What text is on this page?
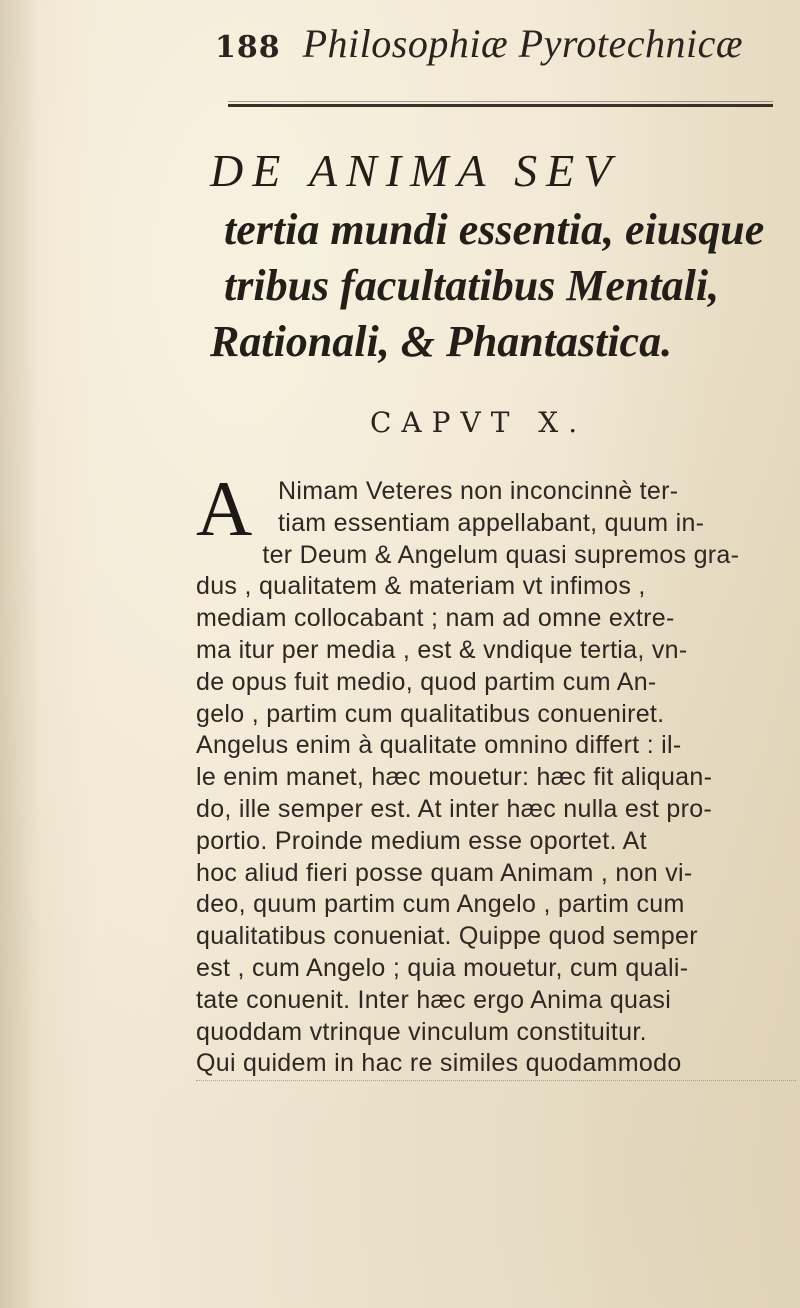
188 Philosophiæ Pyrotechnicæ
DE ANIMA SEV
tertia mundi essentia, eiusque
tribus facultatibus Mentali,
Rationali, & Phantastica.
CAPVT X.
A Nimam Veteres non inconcinnè ter-
tiam essentiam appellabant, quum in-
ter Deum & Angelum quasi supremos gra-
dus , qualitatem & materiam vt infimos ,
mediam collocabant ; nam ad omne extre-
ma itur per media , est & vndique tertia, vn-
de opus fuit medio, quod partim cum An-
gelo , partim cum qualitatibus conueniret.
Angelus enim à qualitate omnino differt : il-
le enim manet, hæc mouetur: hæc fit aliquan-
do, ille semper est. At inter hæc nulla est pro-
portio. Proinde medium esse oportet. At
hoc aliud fieri posse quam Animam , non vi-
deo, quum partim cum Angelo , partim cum
qualitatibus conueniat. Quippe quod semper
est , cum Angelo ; quia mouetur, cum quali-
tate conuenit. Inter hæc ergo Anima quasi
quoddam vtrinque vinculum constituitur.
Qui quidem in hac re similes quodammodo
